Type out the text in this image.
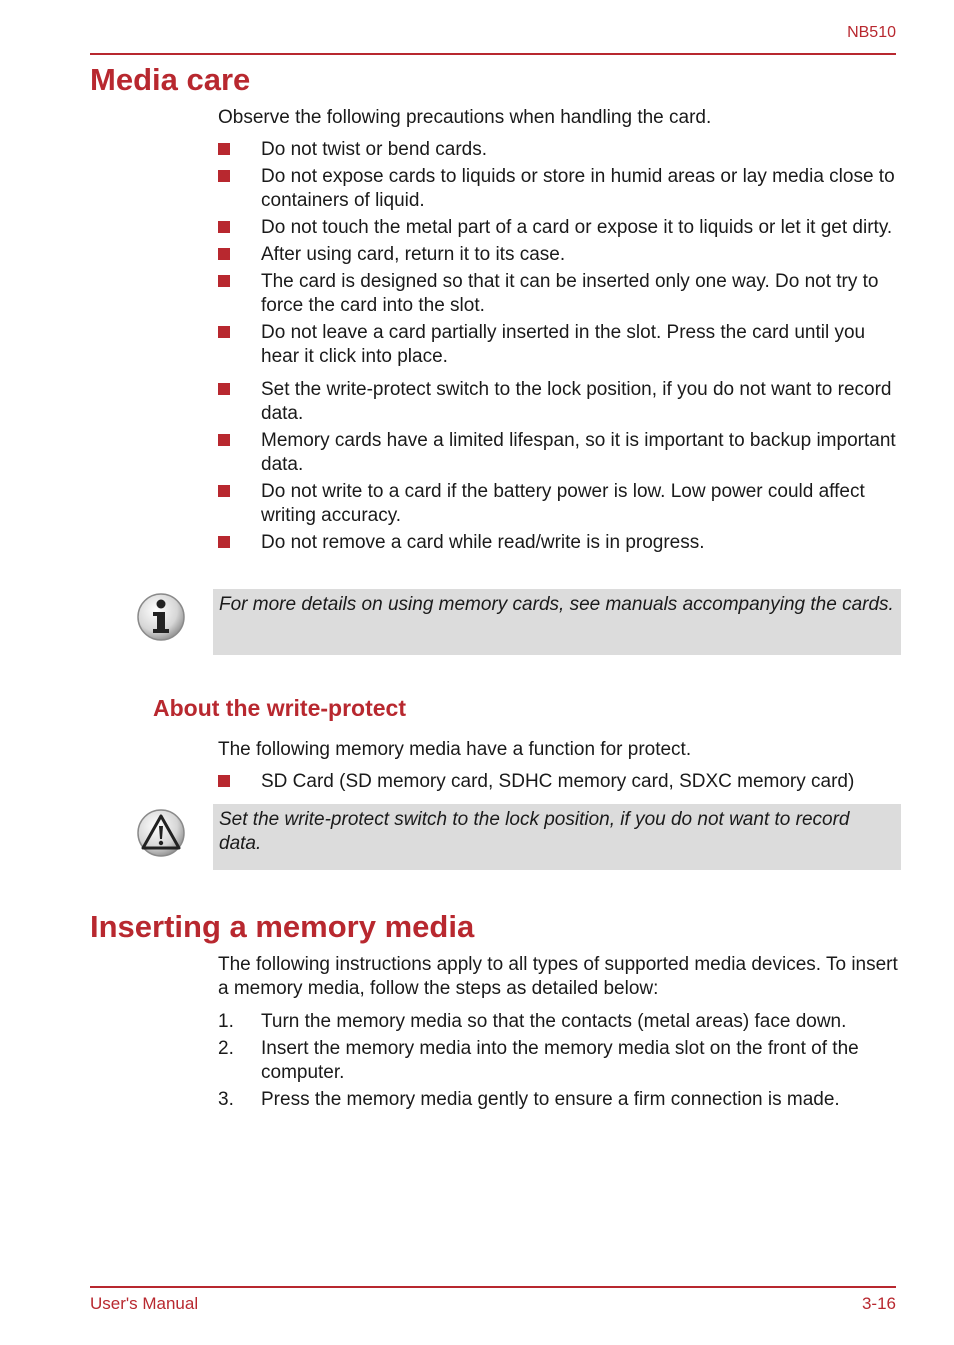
NB510
Media care
Observe the following precautions when handling the card.
Do not twist or bend cards.
Do not expose cards to liquids or store in humid areas or lay media close to containers of liquid.
Do not touch the metal part of a card or expose it to liquids or let it get dirty.
After using card, return it to its case.
The card is designed so that it can be inserted only one way. Do not try to force the card into the slot.
Do not leave a card partially inserted in the slot. Press the card until you hear it click into place.
Set the write-protect switch to the lock position, if you do not want to record data.
Memory cards have a limited lifespan, so it is important to backup important data.
Do not write to a card if the battery power is low. Low power could affect writing accuracy.
Do not remove a card while read/write is in progress.
For more details on using memory cards, see manuals accompanying the cards.
About the write-protect
The following memory media have a function for protect.
SD Card (SD memory card, SDHC memory card, SDXC memory card)
Set the write-protect switch to the lock position, if you do not want to record data.
Inserting a memory media
The following instructions apply to all types of supported media devices. To insert a memory media, follow the steps as detailed below:
1. Turn the memory media so that the contacts (metal areas) face down.
2. Insert the memory media into the memory media slot on the front of the computer.
3. Press the memory media gently to ensure a firm connection is made.
User's Manual	3-16
